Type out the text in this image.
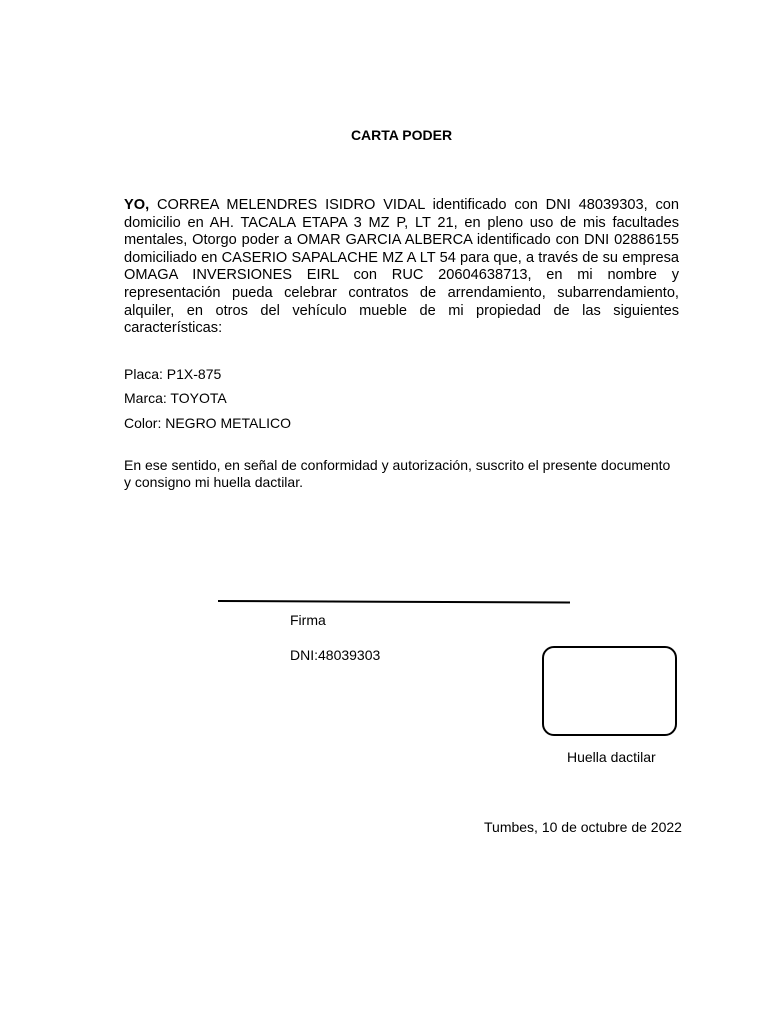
CARTA PODER

YO, CORREA MELENDRES ISIDRO VIDAL identificado con DNI 48039303, con domicilio en AH. TACALA ETAPA 3 MZ P, LT 21, en pleno uso de mis facultades mentales, Otorgo poder a OMAR GARCIA ALBERCA identificado con DNI 02886155 domiciliado en CASERIO SAPALACHE MZ A LT 54 para que, a través de su empresa OMAGA INVERSIONES EIRL con RUC 20604638713, en mi nombre y representación pueda celebrar contratos de arrendamiento, subarrendamiento, alquiler, en otros del vehículo mueble de mi propiedad de las siguientes características:

Placa: P1X-875
Marca: TOYOTA
Color: NEGRO METALICO

En ese sentido, en señal de conformidad y autorización, suscrito el presente documento y consigno mi huella dactilar.

Firma
DNI:48039303
Huella dactilar
Tumbes, 10 de octubre de 2022
